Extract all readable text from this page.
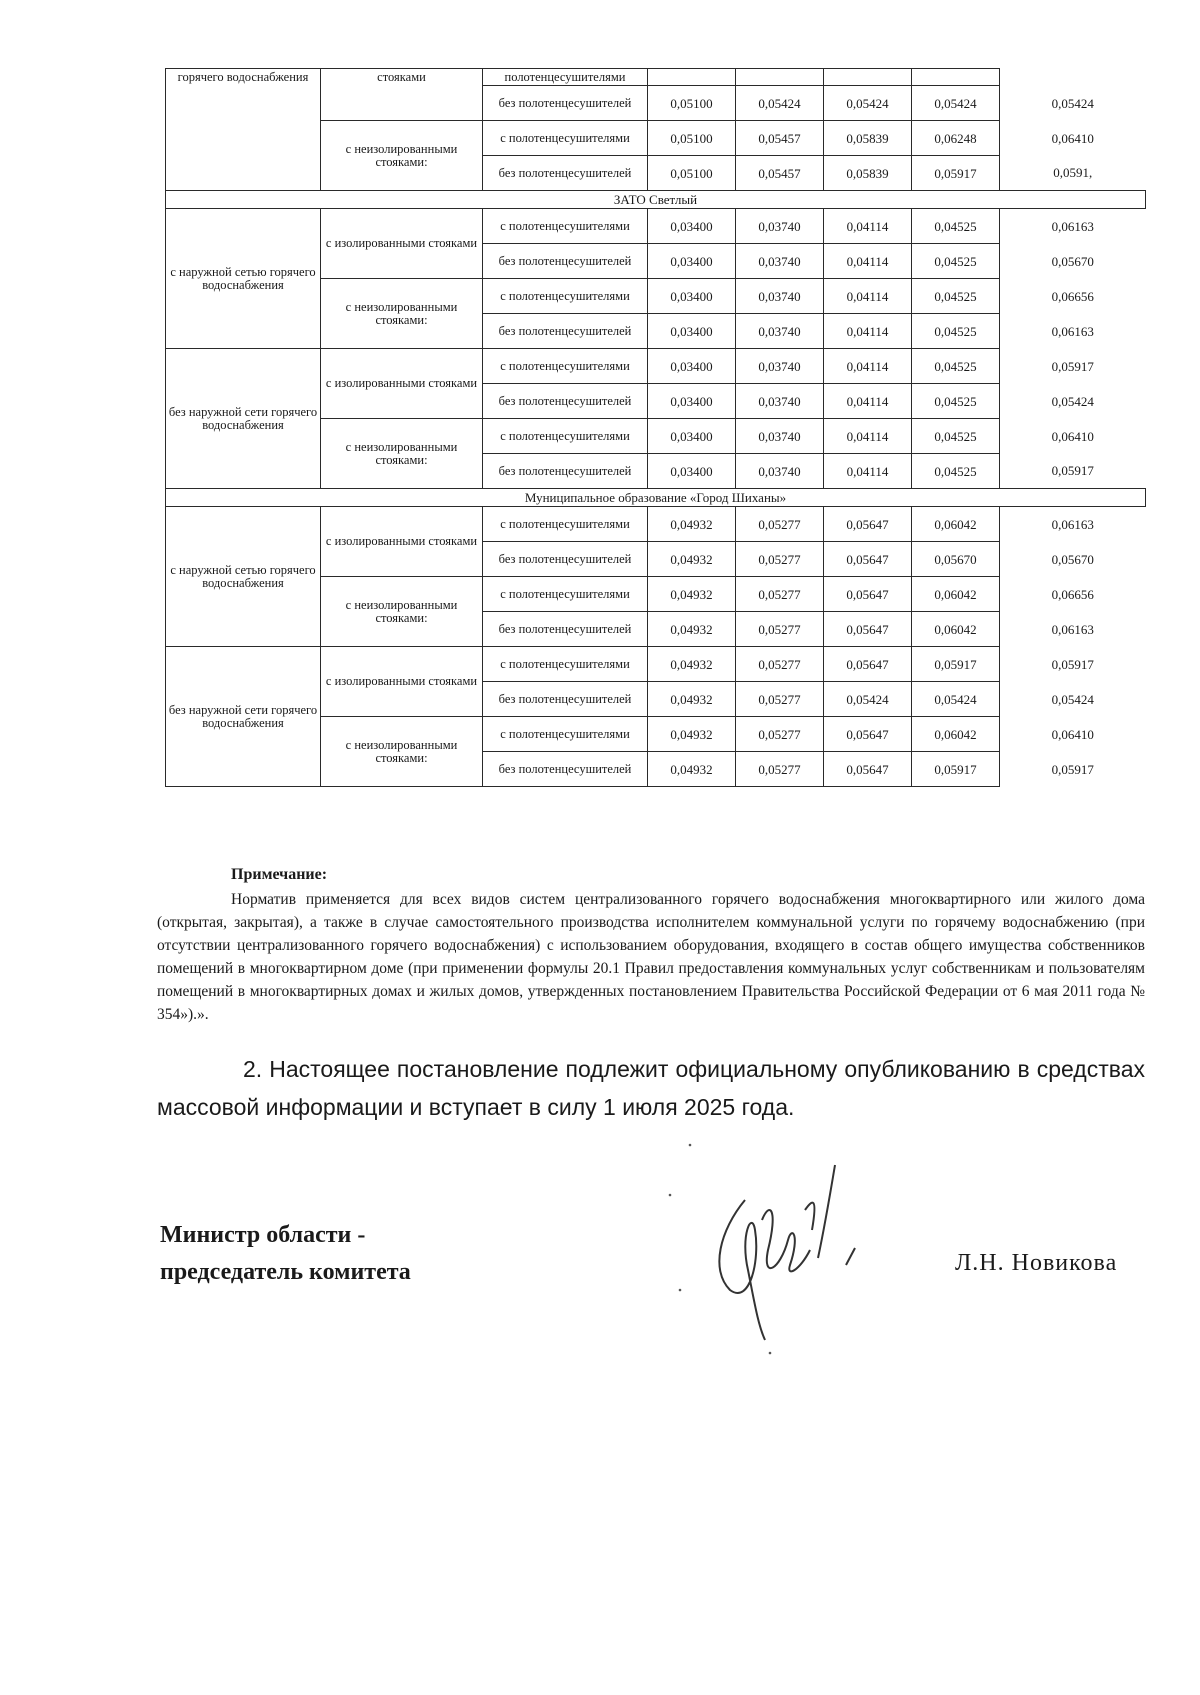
горячего водоснабжения	стояками	полотенцесушителями					
		без полотенцесушителей	0,05100	0,05424	0,05424	0,05424	0,05424
	с неизолированными стояками:	с полотенцесушителями	0,05100	0,05457	0,05839	0,06248	0,06410
		без полотенцесушителей	0,05100	0,05457	0,05839	0,05917	0,0591,
ЗАТО Светлый							
с наружной сетью горячего водоснабжения	с изолированными стояками	с полотенцесушителями	0,03400	0,03740	0,04114	0,04525	0,06163
		без полотенцесушителей	0,03400	0,03740	0,04114	0,04525	0,05670
	с неизолированными стояками:	с полотенцесушителями	0,03400	0,03740	0,04114	0,04525	0,06656
		без полотенцесушителей	0,03400	0,03740	0,04114	0,04525	0,06163
без наружной сети горячего водоснабжения	с изолированными стояками	с полотенцесушителями	0,03400	0,03740	0,04114	0,04525	0,05917
		без полотенцесушителей	0,03400	0,03740	0,04114	0,04525	0,05424
	с неизолированными стояками:	с полотенцесушителями	0,03400	0,03740	0,04114	0,04525	0,06410
		без полотенцесушителей	0,03400	0,03740	0,04114	0,04525	0,05917
Муниципальное образование «Город Шиханы»							
с наружной сетью горячего водоснабжения	с изолированными стояками	с полотенцесушителями	0,04932	0,05277	0,05647	0,06042	0,06163
		без полотенцесушителей	0,04932	0,05277	0,05647	0,05670	0,05670
	с неизолированными стояками:	с полотенцесушителями	0,04932	0,05277	0,05647	0,06042	0,06656
		без полотенцесушителей	0,04932	0,05277	0,05647	0,06042	0,06163
без наружной сети горячего водоснабжения	с изолированными стояками	с полотенцесушителями	0,04932	0,05277	0,05647	0,05917	0,05917
		без полотенцесушителей	0,04932	0,05277	0,05424	0,05424	0,05424
	с неизолированными стояками:	с полотенцесушителями	0,04932	0,05277	0,05647	0,06042	0,06410
		без полотенцесушителей	0,04932	0,05277	0,05647	0,05917	0,05917
Примечание:
Норматив применяется для всех видов систем централизованного горячего водоснабжения многоквартирного или жилого дома (открытая, закрытая), а также в случае самостоятельного производства исполнителем коммунальной услуги по горячему водоснабжению (при отсутствии централизованного горячего водоснабжения) с использованием оборудования, входящего в состав общего имущества собственников помещений в многоквартирном доме (при применении формулы 20.1 Правил предоставления коммунальных услуг собственникам и пользователям помещений в многоквартирных домах и жилых домов, утвержденных постановлением Правительства Российской Федерации от 6 мая 2011 года № 354»).».
2. Настоящее постановление подлежит официальному опубликованию в средствах массовой информации и вступает в силу 1 июля 2025 года.
Министр области -
председатель комитета	Л.Н. Новикова
